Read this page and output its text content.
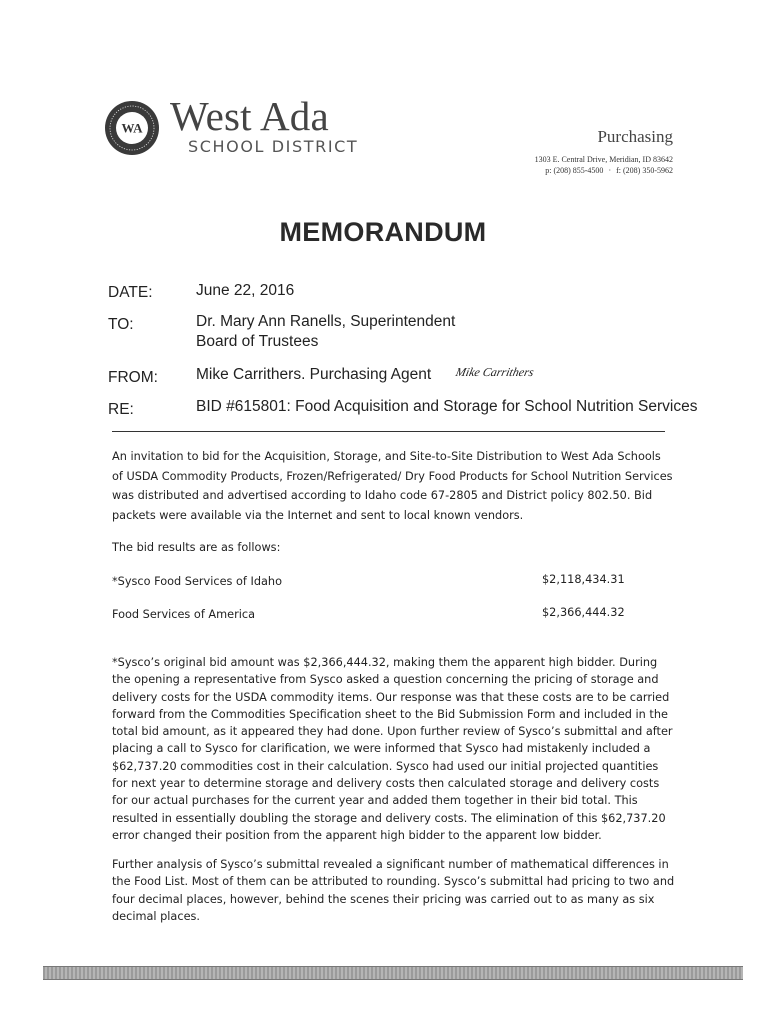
WA West Ada
SCHOOL DISTRICT
Purchasing
1303 E. Central Drive, Meridian, ID 83642
p: (208) 855-4500 · f: (208) 350-5962
MEMORANDUM
DATE:	June 22, 2016
TO:	Dr. Mary Ann Ranells, Superintendent
Board of Trustees
FROM: Mike Carrithers. Purchasing Agent Mike Carrithers
RE:	BID #615801: Food Acquisition and Storage for School Nutrition Services

An invitation to bid for the Acquisition, Storage, and Site-to-Site Distribution to West Ada Schools of USDA Commodity Products, Frozen/Refrigerated/ Dry Food Products for School Nutrition Services was distributed and advertised according to Idaho code 67-2805 and District policy 802.50. Bid packets were available via the Internet and sent to local known vendors.

The bid results are as follows:

*Sysco Food Services of Idaho	$2,118,434.31
Food Services of America	$2,366,444.32

*Sysco’s original bid amount was $2,366,444.32, making them the apparent high bidder. During the opening a representative from Sysco asked a question concerning the pricing of storage and delivery costs for the USDA commodity items. Our response was that these costs are to be carried forward from the Commodities Specification sheet to the Bid Submission Form and included in the total bid amount, as it appeared they had done. Upon further review of Sysco’s submittal and after placing a call to Sysco for clarification, we were informed that Sysco had mistakenly included a $62,737.20 commodities cost in their calculation. Sysco had used our initial projected quantities for next year to determine storage and delivery costs then calculated storage and delivery costs for our actual purchases for the current year and added them together in their bid total. This resulted in essentially doubling the storage and delivery costs. The elimination of this $62,737.20 error changed their position from the apparent high bidder to the apparent low bidder.

Further analysis of Sysco’s submittal revealed a significant number of mathematical differences in the Food List. Most of them can be attributed to rounding. Sysco’s submittal had pricing to two and four decimal places, however, behind the scenes their pricing was carried out to as many as six decimal places.
